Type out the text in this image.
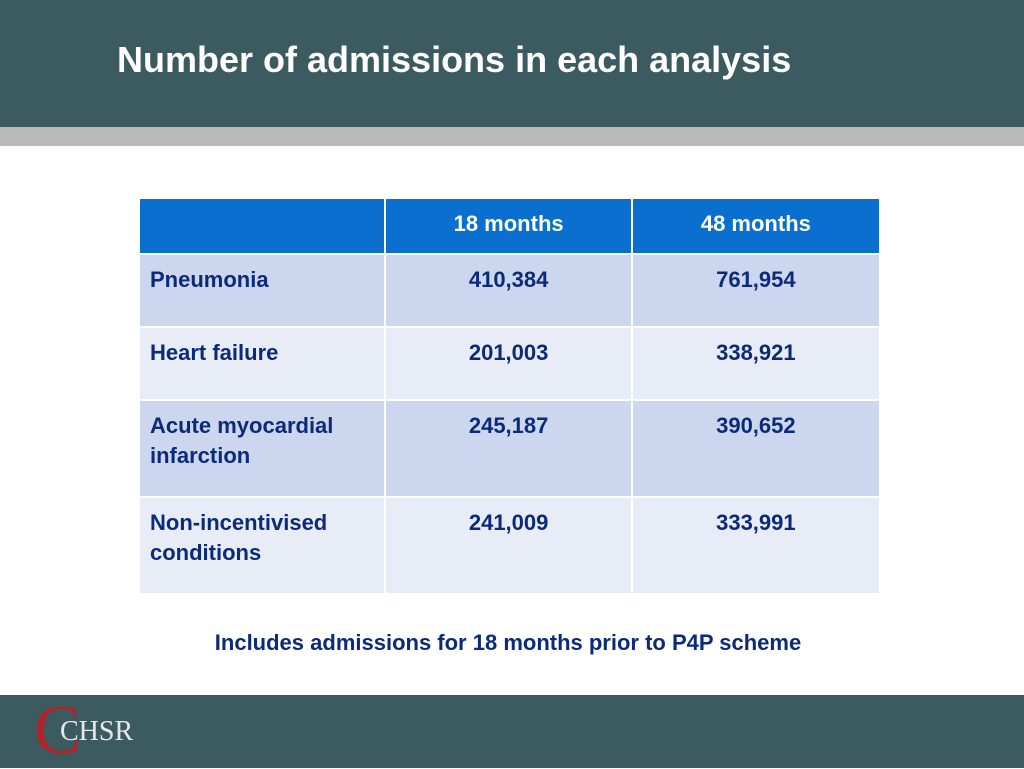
Number of admissions in each analysis
	18 months	48 months
Pneumonia	410,384	761,954
Heart failure	201,003	338,921
Acute myocardial infarction	245,187	390,652
Non-incentivised conditions	241,009	333,991
Includes admissions for 18 months prior to P4P scheme
C
CHSR
